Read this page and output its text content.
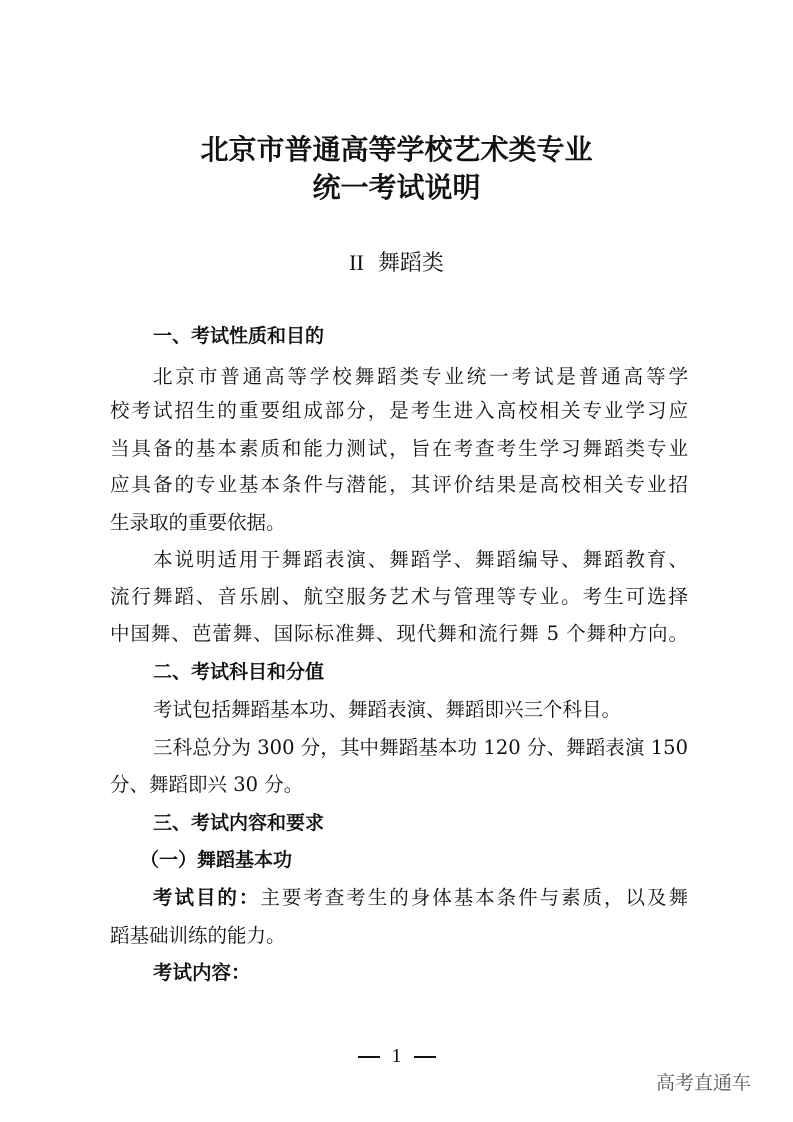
北京市普通高等学校艺术类专业
统一考试说明
II 舞蹈类
一、考试性质和目的
北京市普通高等学校舞蹈类专业统一考试是普通高等学
校考试招生的重要组成部分，是考生进入高校相关专业学习应
当具备的基本素质和能力测试，旨在考查考生学习舞蹈类专业
应具备的专业基本条件与潜能，其评价结果是高校相关专业招
生录取的重要依据。
本说明适用于舞蹈表演、舞蹈学、舞蹈编导、舞蹈教育、
流行舞蹈、音乐剧、航空服务艺术与管理等专业。考生可选择
中国舞、芭蕾舞、国际标准舞、现代舞和流行舞 5 个舞种方向。
二、考试科目和分值
考试包括舞蹈基本功、舞蹈表演、舞蹈即兴三个科目。
三科总分为 300 分，其中舞蹈基本功 120 分、舞蹈表演 150
分、舞蹈即兴 30 分。
三、考试内容和要求
（一）舞蹈基本功
考试目的：主要考查考生的身体基本条件与素质，以及舞
蹈基础训练的能力。
考试内容：
1
高考直通车
